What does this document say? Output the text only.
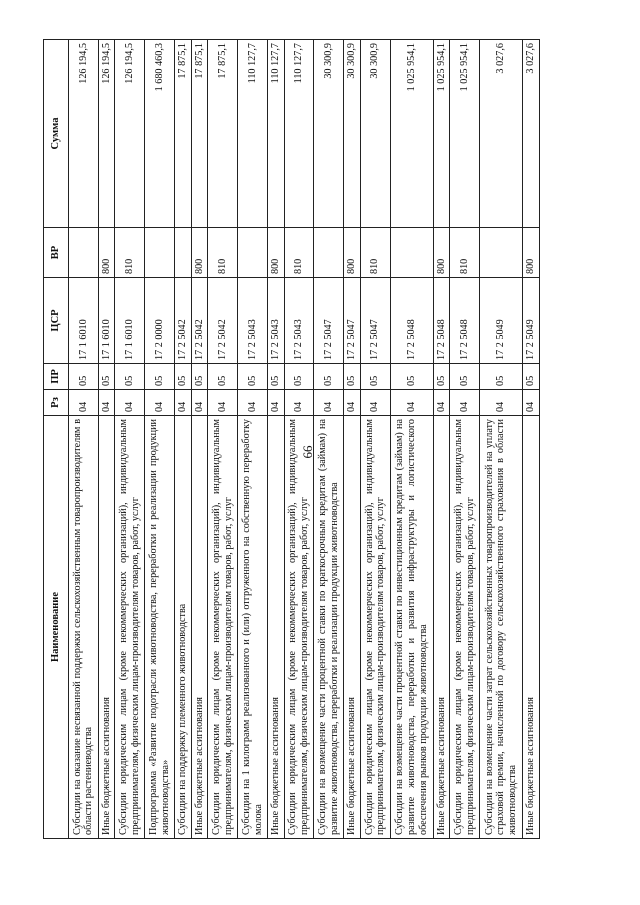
66
Наименование	Рз	ПР	ЦСР	ВР	Сумма
Субсидии на оказание несвязанной поддержки сельскохозяйственным товаропроизводителям в области растениеводства	04	05	17 1 6010		126 194,5
Иные бюджетные ассигнования	04	05	17 1 6010	800	126 194,5
Субсидии юридическим лицам (кроме некоммерческих организаций), индивидуальным предпринимателям, физическим лицам-производителям товаров, работ, услуг	04	05	17 1 6010	810	126 194,5
Подпрограмма «Развитие подотрасли животноводства, переработки и реализации продукции животноводства»	04	05	17 2 0000		1 680 460,3
Субсидии на поддержку племенного животноводства	04	05	17 2 5042		17 875,1
Иные бюджетные ассигнования	04	05	17 2 5042	800	17 875,1
Субсидии юридическим лицам (кроме некоммерческих организаций), индивидуальным предпринимателям, физическим лицам-производителям товаров, работ, услуг	04	05	17 2 5042	810	17 875,1
Субсидии на 1 килограмм реализованного и (или) отгруженного на собственную переработку молока	04	05	17 2 5043		110 127,7
Иные бюджетные ассигнования	04	05	17 2 5043	800	110 127,7
Субсидии юридическим лицам (кроме некоммерческих организаций), индивидуальным предпринимателям, физическим лицам-производителям товаров, работ, услуг	04	05	17 2 5043	810	110 127,7
Субсидии на возмещение части процентной ставки по краткосрочным кредитам (займам) на развитие животноводства, переработки и реализации продукции животноводства	04	05	17 2 5047		30 300,9
Иные бюджетные ассигнования	04	05	17 2 5047	800	30 300,9
Субсидии юридическим лицам (кроме некоммерческих организаций), индивидуальным предпринимателям, физическим лицам-производителям товаров, работ, услуг	04	05	17 2 5047	810	30 300,9
Субсидии на возмещение части процентной ставки по инвестиционным кредитам (займам) на развитие животноводства, переработки и развития инфраструктуры и логистического обеспечения рынков продукции животноводства	04	05	17 2 5048		1 025 954,1
Иные бюджетные ассигнования	04	05	17 2 5048	800	1 025 954,1
Субсидии юридическим лицам (кроме некоммерческих организаций), индивидуальным предпринимателям, физическим лицам-производителям товаров, работ, услуг	04	05	17 2 5048	810	1 025 954,1
Субсидии на возмещение части затрат сельскохозяйственных товаропроизводителей на уплату страховой премии, начисленной по договору сельскохозяйственного страхования в области животноводства	04	05	17 2 5049		3 027,6
Иные бюджетные ассигнования	04	05	17 2 5049	800	3 027,6
